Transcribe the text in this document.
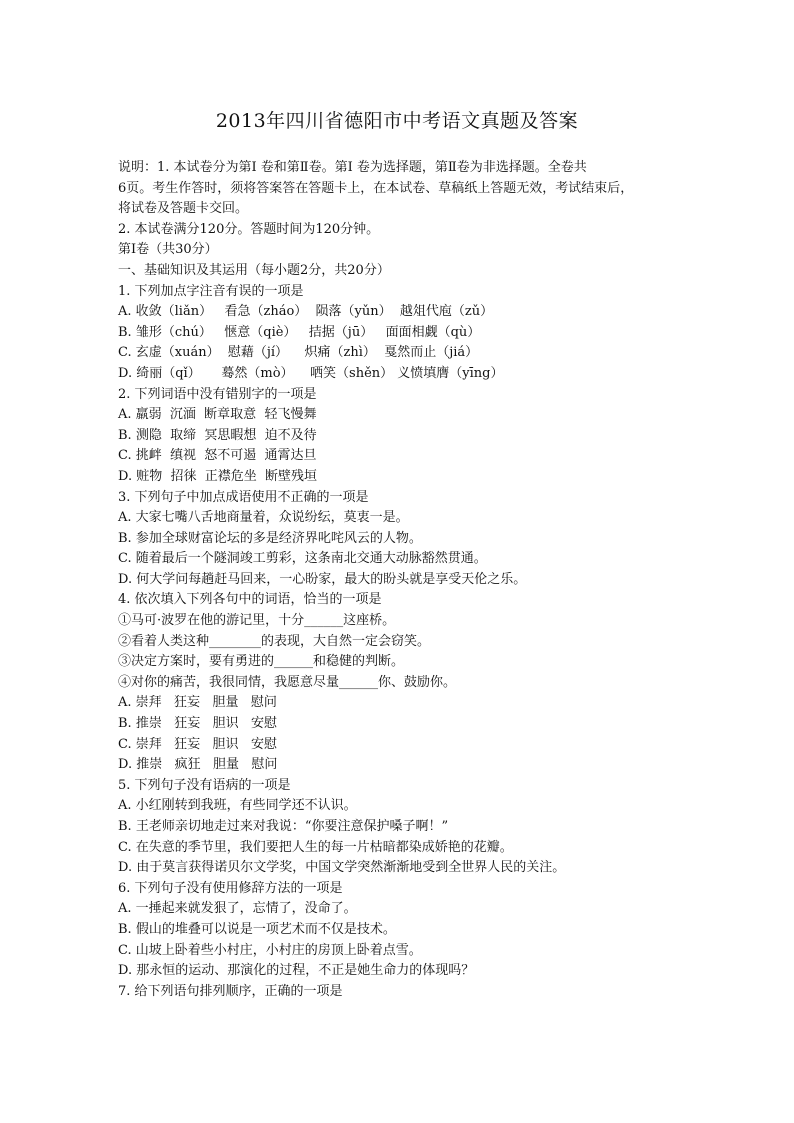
2013年四川省德阳市中考语文真题及答案
说明：1. 本试卷分为第Ⅰ 卷和第Ⅱ卷。第Ⅰ 卷为选择题，第Ⅱ卷为非选择题。全卷共
6页。考生作答时，须将答案答在答题卡上，在本试卷、草稿纸上答题无效，考试结束后，
将试卷及答题卡交回。
2. 本试卷满分120分。答题时间为120分钟。
第Ⅰ卷（共30分）
一、基础知识及其运用（每小题2分，共20分）
1. 下列加点字注音有误的一项是
A. 收敛（liǎn）   看急（zháo）  陨落（yǔn）  越俎代庖（zǔ）
B. 雏形（chú）   惬意（qiè）   拮据（jū）   面面相觑（qù）
C. 玄虚（xuán）  慰藉（jí）    炽痛（zhì）  戛然而止（jiá）
D. 绮丽（qǐ）     蓦然（mò）    哂笑（shěn） 义愤填膺（yīng）
2. 下列词语中没有错别字的一项是
A. 羸弱  沉湎  断章取意  轻飞慢舞
B. 测隐  取缔  冥思暇想  迫不及待
C. 挑衅  缜视  怒不可遏  通霄达旦
D. 赃物  招徕  正襟危坐  断壁残垣
3. 下列句子中加点成语使用不正确的一项是
A. 大家七嘴八舌地商量着，众说纷纭，莫衷一是。
B. 参加全球财富论坛的多是经济界叱咤风云的人物。
C. 随着最后一个隧洞竣工剪彩，这条南北交通大动脉豁然贯通。
D. 何大学问每趟赶马回来，一心盼家，最大的盼头就是享受天伦之乐。
4. 依次填入下列各句中的词语，恰当的一项是
①马可·波罗在他的游记里，十分______这座桥。
②看着人类这种________的表现，大自然一定会窃笑。
③决定方案时，要有勇进的______和稳健的判断。
④对你的痛苦，我很同情，我愿意尽量______你、鼓励你。
A. 崇拜   狂妄   胆量   慰问
B. 推崇   狂妄   胆识   安慰
C. 崇拜   狂妄   胆识   安慰
D. 推崇   疯狂   胆量   慰问
5. 下列句子没有语病的一项是
A. 小红刚转到我班，有些同学还不认识。
B. 王老师亲切地走过来对我说：“你要注意保护嗓子啊！”
C. 在失意的季节里，我们要把人生的每一片枯暗都染成娇艳的花瓣。
D. 由于莫言获得诺贝尔文学奖，中国文学突然渐渐地受到全世界人民的关注。
6. 下列句子没有使用修辞方法的一项是
A. 一捶起来就发狠了，忘情了，没命了。
B. 假山的堆叠可以说是一项艺术而不仅是技术。
C. 山坡上卧着些小村庄，小村庄的房顶上卧着点雪。
D. 那永恒的运动、那演化的过程，不正是她生命力的体现吗？
7. 给下列语句排列顺序，正确的一项是
